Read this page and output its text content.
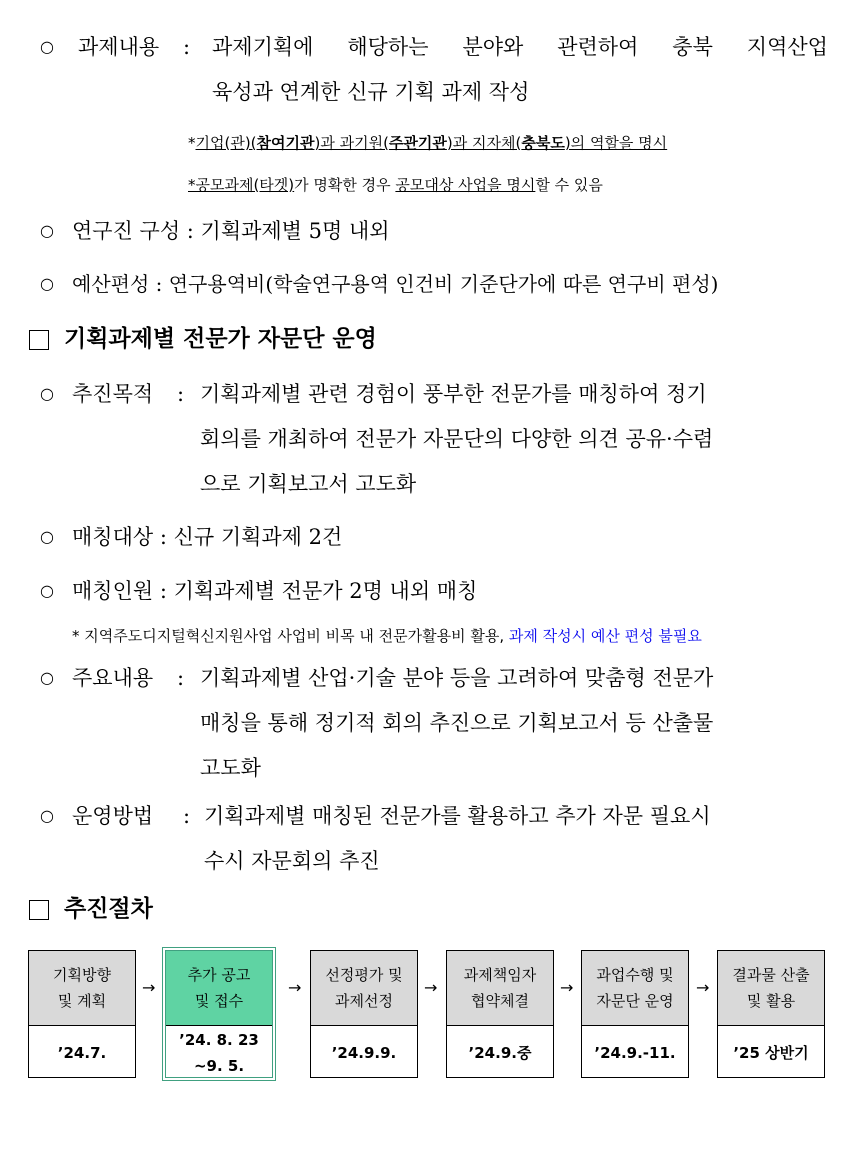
○ 과제내용 : 과제기획에 해당하는 분야와 관련하여 충북 지역산업
육성과 연계한 신규 기획 과제 작성
*기업(관)(참여기관)과 과기원(주관기관)과 지자체(충북도)의 역할을 명시
*공모과제(타겟)가 명확한 경우 공모대상 사업을 명시할 수 있음
○ 연구진 구성 : 기획과제별 5명 내외
○ 예산편성 : 연구용역비(학술연구용역 인건비 기준단가에 따른 연구비 편성)
기획과제별 전문가 자문단 운영
○ 추진목적 : 기획과제별 관련 경험이 풍부한 전문가를 매칭하여 정기
회의를 개최하여 전문가 자문단의 다양한 의견 공유·수렴
으로 기획보고서 고도화
○ 매칭대상 : 신규 기획과제 2건
○ 매칭인원 : 기획과제별 전문가 2명 내외 매칭
* 지역주도디지털혁신지원사업 사업비 비목 내 전문가활용비 활용, 과제 작성시 예산 편성 불필요
○ 주요내용 : 기획과제별 산업·기술 분야 등을 고려하여 맞춤형 전문가
매칭을 통해 정기적 회의 추진으로 기획보고서 등 산출물
고도화
○ 운영방법 : 기획과제별 매칭된 전문가를 활용하고 추가 자문 필요시
수시 자문회의 추진
추진절차
기획방향
및 계획
’24.7.
→
추가 공고
및 접수
’24. 8. 23
~9. 5.
→
선정평가 및
과제선정
’24.9.9.
→
과제책임자
협약체결
’24.9.중
→
과업수행 및
자문단 운영
’24.9.-11.
→
결과물 산출
및 활용
’25 상반기
